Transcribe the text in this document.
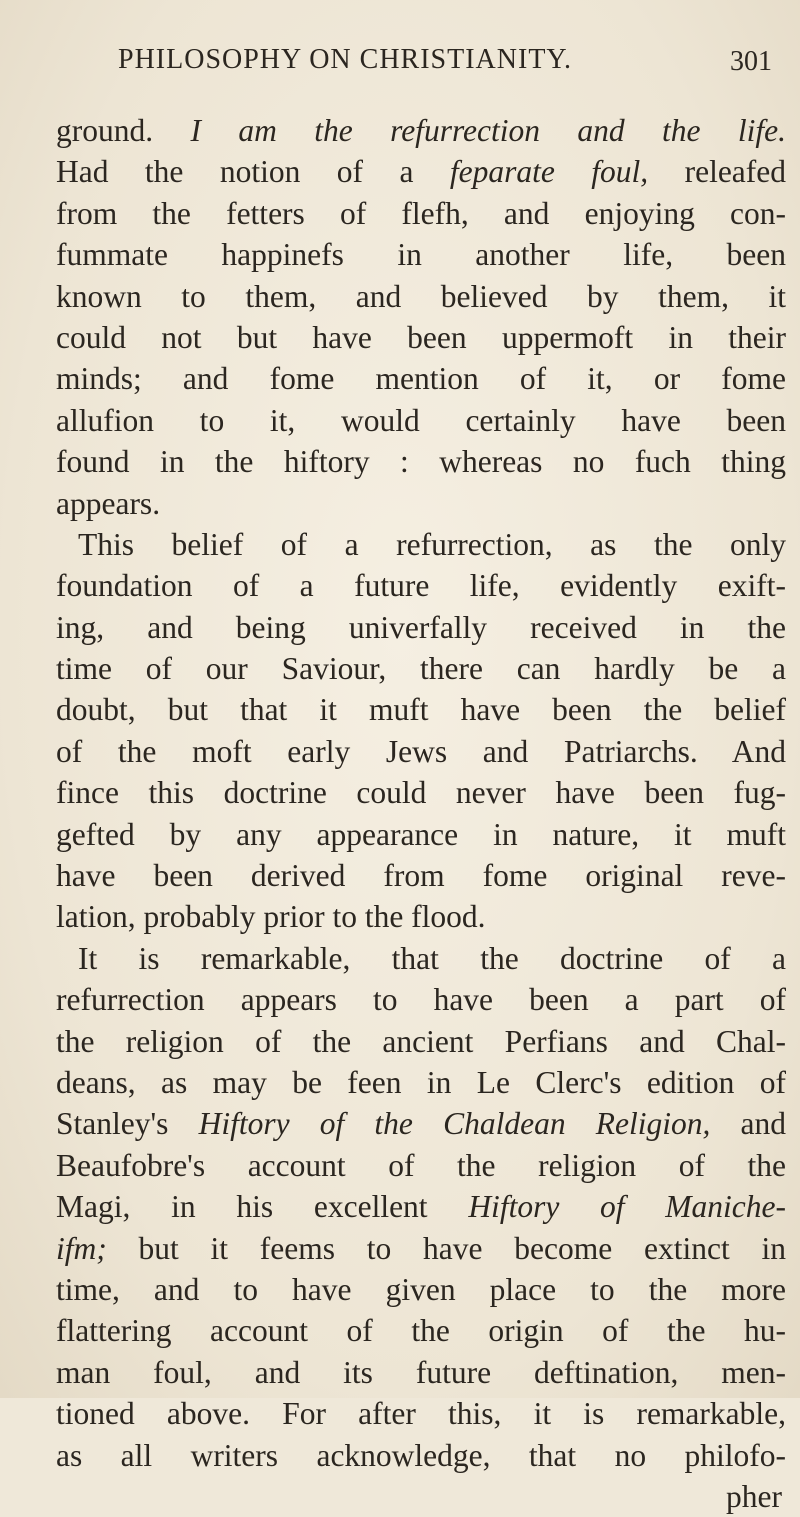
PHILOSOPHY ON CHRISTIANITY.	301
ground. I am the refurrection and the life.
Had the notion of a feparate foul, releafed
from the fetters of flefh, and enjoying con-
fummate happinefs in another life, been
known to them, and believed by them, it
could not but have been uppermoft in their
minds; and fome mention of it, or fome
allufion to it, would certainly have been
found in the hiftory : whereas no fuch thing
appears.
This belief of a refurrection, as the only
foundation of a future life, evidently exift-
ing, and being univerfally received in the
time of our Saviour, there can hardly be a
doubt, but that it muft have been the belief
of the moft early Jews and Patriarchs. And
fince this doctrine could never have been fug-
gefted by any appearance in nature, it muft
have been derived from fome original reve-
lation, probably prior to the flood.
It is remarkable, that the doctrine of a
refurrection appears to have been a part of
the religion of the ancient Perfians and Chal-
deans, as may be feen in Le Clerc's edition of
Stanley's Hiftory of the Chaldean Religion, and
Beaufobre's account of the religion of the
Magi, in his excellent Hiftory of Maniche-
ifm; but it feems to have become extinct in
time, and to have given place to the more
flattering account of the origin of the hu-
man foul, and its future deftination, men-
tioned above. For after this, it is remarkable,
as all writers acknowledge, that no philofo-
pher
